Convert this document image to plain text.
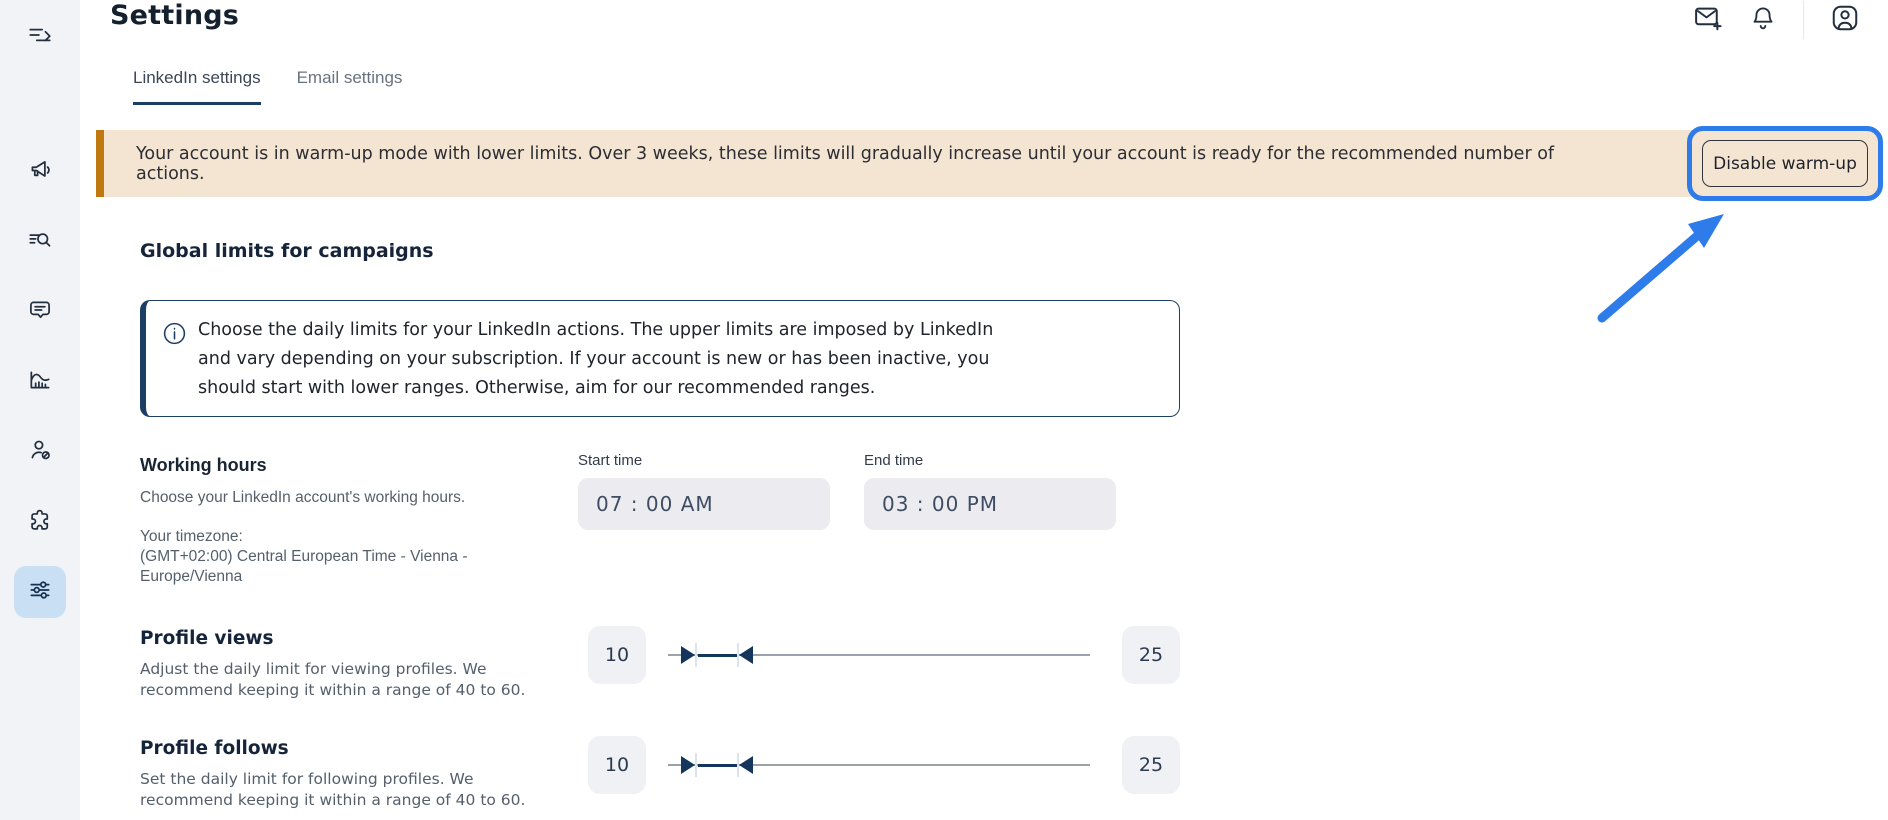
Settings
LinkedIn settings Email settings
Your account is in warm-up mode with lower limits. Over 3 weeks, these limits will gradually increase until your account is ready for the recommended number of actions.	Disable warm-up
Global limits for campaigns
Choose the daily limits for your LinkedIn actions. The upper limits are imposed by LinkedIn and vary depending on your subscription. If your account is new or has been inactive, you should start with lower ranges. Otherwise, aim for our recommended ranges.
Working hours
Choose your LinkedIn account's working hours.
Your timezone:
(GMT+02:00) Central European Time - Vienna - Europe/Vienna
Start time
07 : 00 AM
End time
03 : 00 PM
Profile views
Adjust the daily limit for viewing profiles. We recommend keeping it within a range of 40 to 60.
10	25
Profile follows
Set the daily limit for following profiles. We recommend keeping it within a range of 40 to 60.
10	25
